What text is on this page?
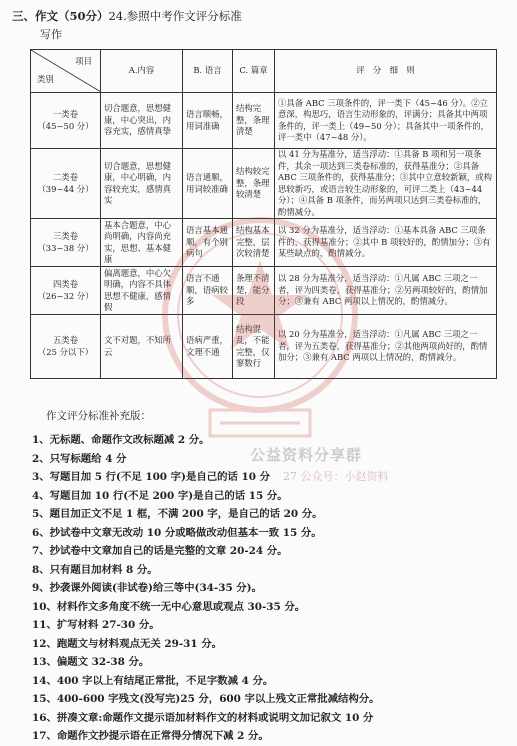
三、作文（50分）24.参照中考作文评分标准
写作
项目
类别	A.内容	B. 语言	C. 篇章	评　分　细　则

一类卷
（45~50 分）	切合题意，思想健康，中心突出，内容充实，感情真挚	语言顺畅，用词准确	结构完整，条理清楚	①具备 ABC 三项条件的，评一类下（45~46 分）。②立意深，构思巧，语言生动形象的，评满分；具备其中两项条件的，评一类上（49~50 分）；具备其中一项条件的，评一类中（47~48 分）。

二类卷
（39~44 分）	切合题意，思想健康，中心明确，内容较充实，感情真实	语言通顺，用词较准确	结构较完整，条理较清楚	以 41 分为基准分，适当浮动：①具备 B 项和另一项条件，其余一项达到三类卷标准的，获得基准分；②具备 ABC 三项条件的，获得基准分；③其中立意较新颖，或构思较新巧，或语言较生动形象的，可评二类上（43~44 分）；④具备 B 项条件，而另两项只达到三类卷标准的，酌情减分。

三类卷
（33~38 分）	基本合题意，中心尚明确，内容尚充实，思想、基本健康	语言基本通顺，有个别病句	结构基本完整，层次较清楚	以 32 分为基准分，适当浮动：①基本具备 ABC 三项条件的，获得基准分；②其中 B 项较好的，酌情加分；③有某些缺点的，酌情减分。

四类卷
（26~32 分）	偏离题意，中心欠明确，内容不具体思想不健康，感情假	语言不通顺，语病较多	条理不清楚，能分段	以 28 分为基准分，适当浮动：①凡属 ABC 三项之一者，评为四类卷，获得基准分；②另两项较好的，酌情加分；③兼有 ABC 两项以上情况的，酌情减分。

五类卷
（25 分以下）	文不对题，不知所云	语病严重，文理不通	结构混乱，不能完整，仅寥数行	以 20 分为基准分，适当浮动：①凡属 ABC 三项之一者，评为五类卷，获得基准分；②其他两项尚好的，酌情加分；③兼有 ABC 两项以上情况的，酌情减分。
作文评分标准补充版：
1、无标题、命题作文改标题减 2 分。
2、只写标题给 4 分
3、写题目加 5 行(不足 100 字)是自己的话 10 分
4、写题目加 10 行(不足 200 字)是自己的话 15 分。
5、题目加正文不足 1 框，不满 200 字，是自己的话 20 分。
6、抄试卷中文章无改动 10 分或略做改动但基本一致 15 分。
7、抄试卷中文章加自己的话是完整的文章 20-24 分。
8、只有题目加材料 8 分。
9、抄袭课外阅读(非试卷)给三等中(34-35 分)。
10、材料作文多角度不统一无中心意思或观点 30-35 分。
11、扩写材料 27-30 分。
12、跑题文与材料观点无关 29-31 分。
13、偏题文 32-38 分。
14、400 字以上有结尾正常批，不足字数减 4 分。
15、400-600 字残文(没写完)25 分，600 字以上残文正常批减结构分。
16、拼凑文章:命题作文提示语加材料作文的材料或说明文加记叙文 10 分
17、命题作文抄提示语在正常得分情况下减 2 分。
公益资料分享群
27 公众号：小赵资料
